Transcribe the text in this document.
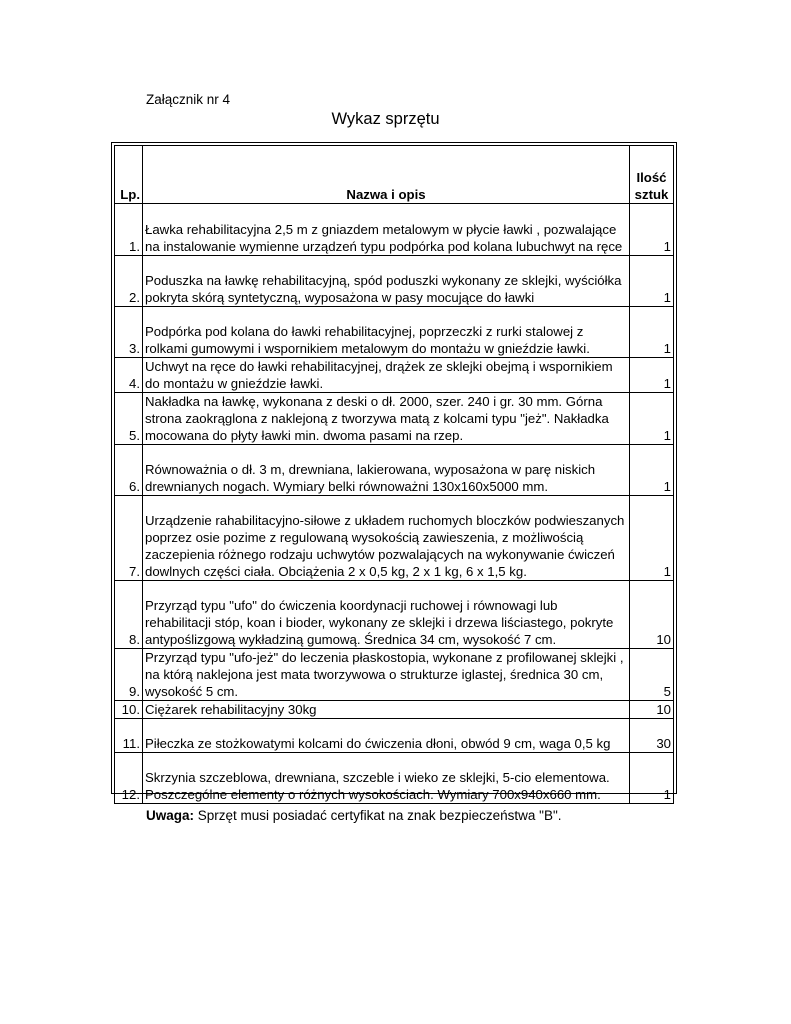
Załącznik nr 4
Wykaz sprzętu
Lp.	Nazwa i opis	Ilość
sztuk
1.	Ławka rehabilitacyjna 2,5 m z gniazdem metalowym w płycie ławki , pozwalające na instalowanie wymienne urządzeń typu podpórka pod kolana lubuchwyt na ręce	1
2.	Poduszka na ławkę rehabilitacyjną, spód poduszki wykonany ze sklejki, wyściółka pokryta skórą syntetyczną, wyposażona w pasy mocujące do ławki	1
3.	Podpórka pod kolana do ławki rehabilitacyjnej, poprzeczki z rurki stalowej z rolkami gumowymi i wspornikiem metalowym do montażu w gnieździe ławki.	1
4.	Uchwyt na ręce do ławki rehabilitacyjnej, drążek ze sklejki obejmą i wspornikiem do montażu w gnieździe ławki.	1
5.	Nakładka na ławkę, wykonana z deski o dł. 2000, szer. 240 i gr. 30 mm. Górna strona zaokrąglona z naklejoną z tworzywa matą z kolcami typu "jeż". Nakładka mocowana do płyty ławki min. dwoma pasami na rzep.	1
6.	Równoważnia o dł. 3 m, drewniana, lakierowana, wyposażona w parę niskich drewnianych nogach. Wymiary belki równoważni 130x160x5000 mm.	1
7.	Urządzenie rahabilitacyjno-siłowe z układem ruchomych bloczków podwieszanych poprzez osie pozime z regulowaną wysokością zawieszenia, z możliwością zaczepienia różnego rodzaju uchwytów pozwalających na wykonywanie ćwiczeń dowlnych części ciała. Obciążenia 2 x 0,5 kg, 2 x 1 kg, 6 x 1,5 kg.	1
8.	Przyrząd typu "ufo" do ćwiczenia koordynacji ruchowej i równowagi lub rehabilitacji stóp, koan i bioder, wykonany ze sklejki i drzewa liściastego, pokryte antypoślizgową wykładziną gumową. Średnica 34 cm, wysokość 7 cm.	10
9.	Przyrząd typu "ufo-jeż" do leczenia płaskostopia, wykonane z profilowanej sklejki , na którą naklejona jest mata tworzywowa o strukturze iglastej, średnica 30 cm, wysokość 5 cm.	5
10.	Ciężarek rehabilitacyjny 30kg	10
11.	Piłeczka ze stożkowatymi kolcami do ćwiczenia dłoni, obwód 9 cm, waga 0,5 kg	30
12.	Skrzynia szczeblowa, drewniana, szczeble i wieko ze sklejki, 5-cio elementowa. Poszczególne elementy o różnych wysokościach. Wymiary 700x940x660 mm.	1
Uwaga: Sprzęt musi posiadać certyfikat na znak bezpieczeństwa "B".
